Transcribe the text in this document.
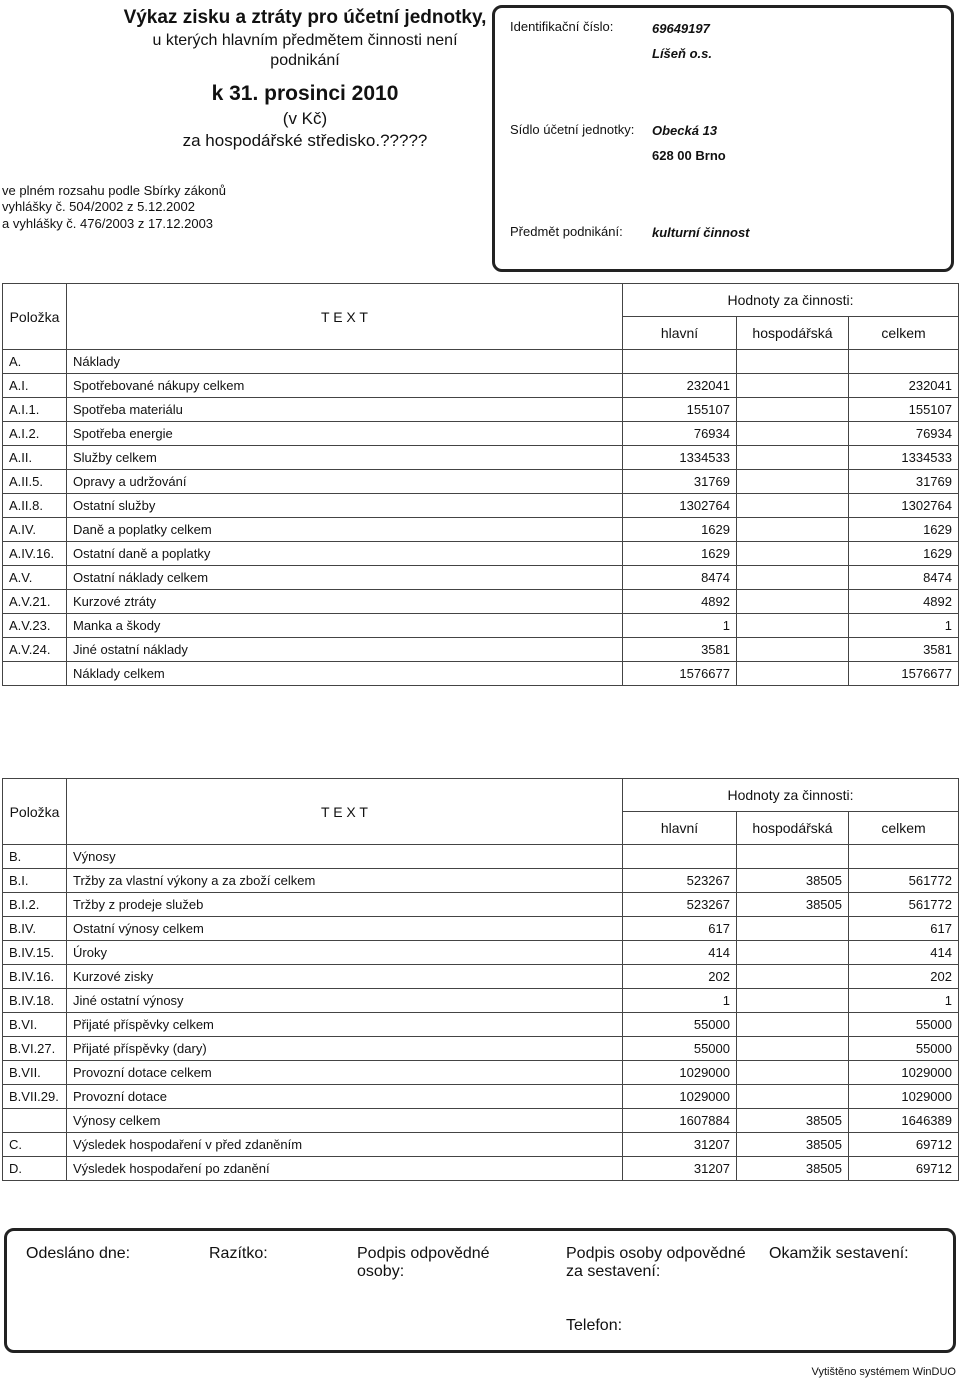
Výkaz zisku a ztráty pro účetní jednotky,
u kterých hlavním předmětem činnosti není podnikání
k 31. prosinci 2010
(v Kč)
za hospodářské středisko.?????
ve plném rozsahu podle Sbírky zákonů
vyhlášky č. 504/2002 z 5.12.2002
a vyhlášky č. 476/2003 z 17.12.2003
Identifikační číslo:	69649197
Líšeň o.s.
Sídlo účetní jednotky: Obecká 13
628 00 Brno
Předmět podnikání: kulturní činnost
Položka	T E X T	Hodnoty za činnosti:		
		hlavní	hospodářská	celkem
A.	Náklady			
A.I.	Spotřebované nákupy celkem	232041		232041
A.I.1.	Spotřeba materiálu	155107		155107
A.I.2.	Spotřeba energie	76934		76934
A.II.	Služby celkem	1334533		1334533
A.II.5.	Opravy a udržování	31769		31769
A.II.8.	Ostatní služby	1302764		1302764
A.IV.	Daně a poplatky celkem	1629		1629
A.IV.16.	Ostatní daně a poplatky	1629		1629
A.V.	Ostatní náklady celkem	8474		8474
A.V.21.	Kurzové ztráty	4892		4892
A.V.23.	Manka a škody	1		1
A.V.24.	Jiné ostatní náklady	3581		3581
	Náklady celkem	1576677		1576677
Položka	T E X T	Hodnoty za činnosti:		
		hlavní	hospodářská	celkem
B.	Výnosy			
B.I.	Tržby za vlastní výkony a za zboží celkem	523267	38505	561772
B.I.2.	Tržby z prodeje služeb	523267	38505	561772
B.IV.	Ostatní výnosy celkem	617		617
B.IV.15.	Úroky	414		414
B.IV.16.	Kurzové zisky	202		202
B.IV.18.	Jiné ostatní výnosy	1		1
B.VI.	Přijaté příspěvky celkem	55000		55000
B.VI.27.	Přijaté příspěvky (dary)	55000		55000
B.VII.	Provozní dotace celkem	1029000		1029000
B.VII.29.	Provozní dotace	1029000		1029000
	Výnosy celkem	1607884	38505	1646389
C.	Výsledek hospodaření v před zdaněním	31207	38505	69712
D.	Výsledek hospodaření po zdanění	31207	38505	69712
Odesláno dne:	Razítko:	Podpis odpovědné
osoby:
Podpis osoby odpovědné
za sestavení:
Okamžik sestavení:
Telefon:
Vytištěno systémem WinDUO
